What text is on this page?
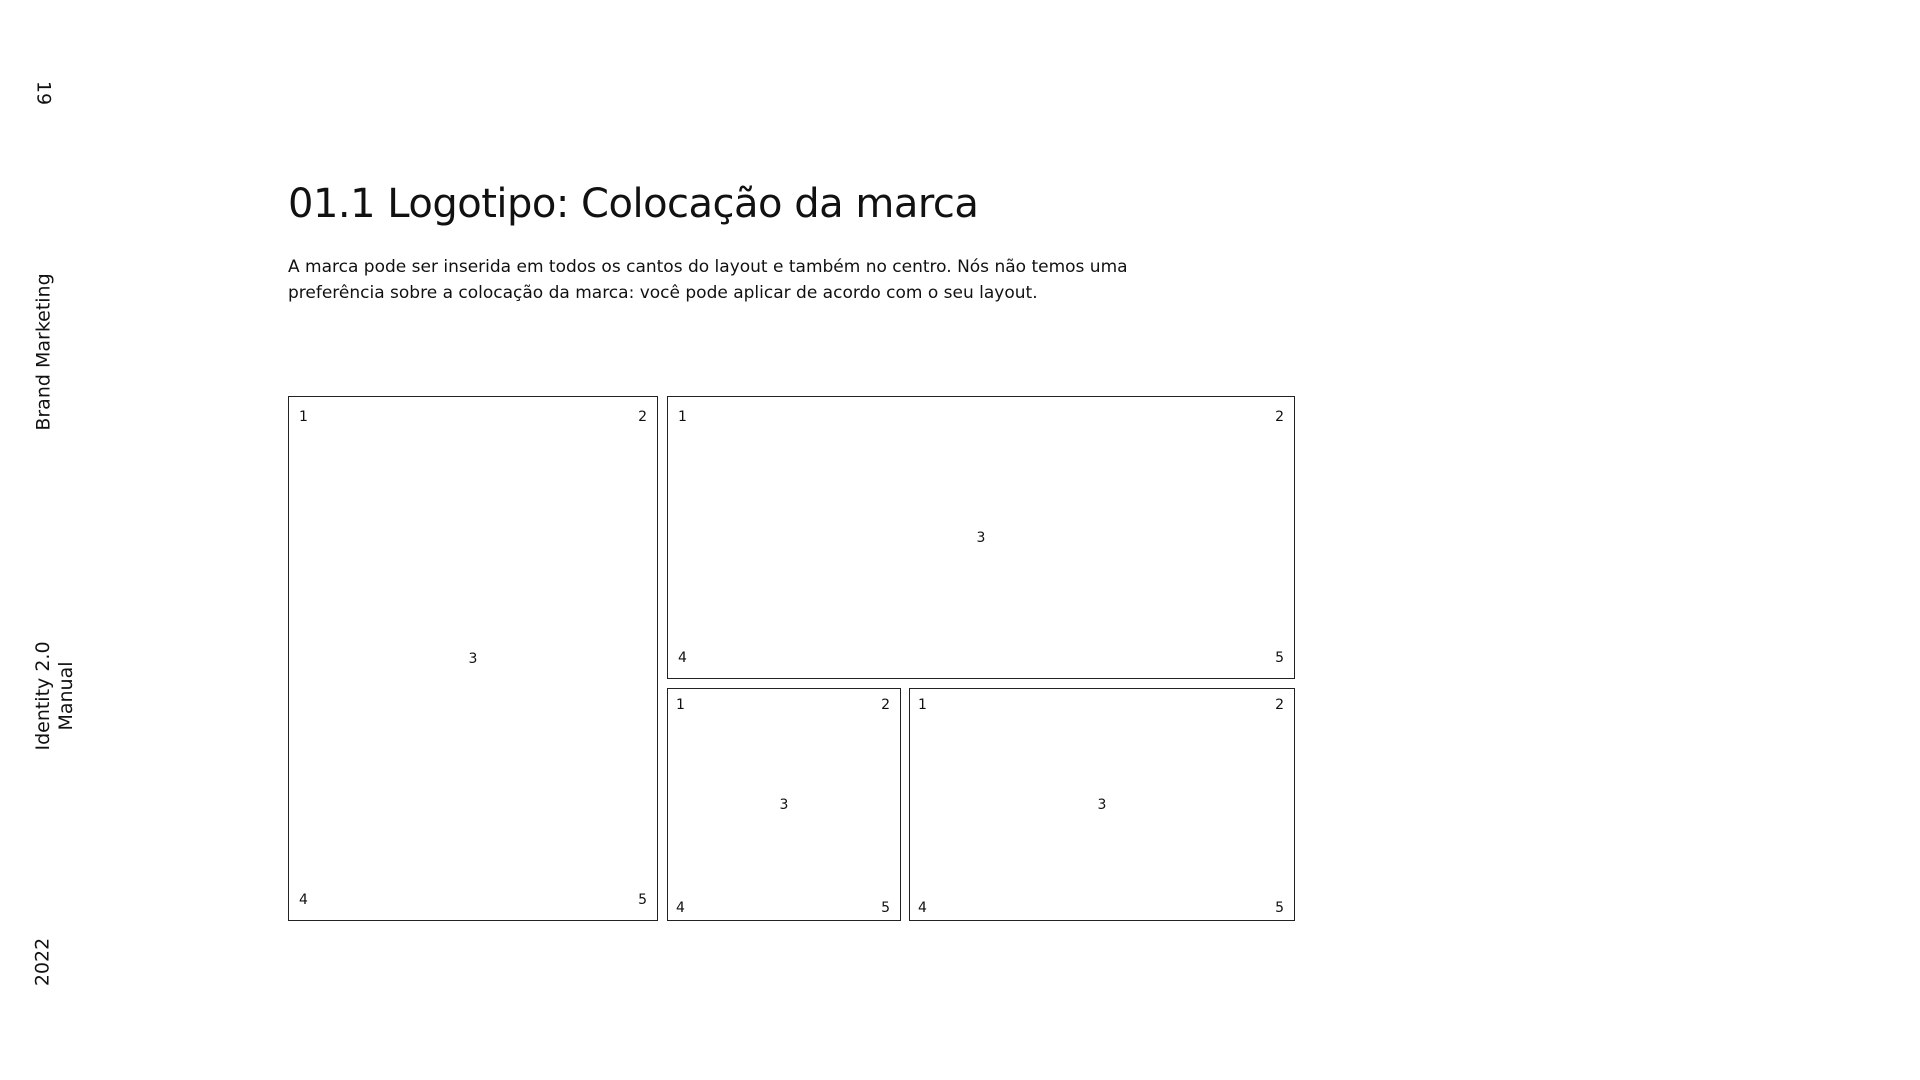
19
Brand Marketing
Identity 2.0 Manual
2022
01.1 Logotipo: Colocação da marca

A marca pode ser inserida em todos os cantos do layout e também no centro. Nós não temos uma preferência sobre a colocação da marca: você pode aplicar de acordo com o seu layout.

1	2
3
4	5
1	2
3
4	5
1	2
3
4	5
1	2
3
4	5
